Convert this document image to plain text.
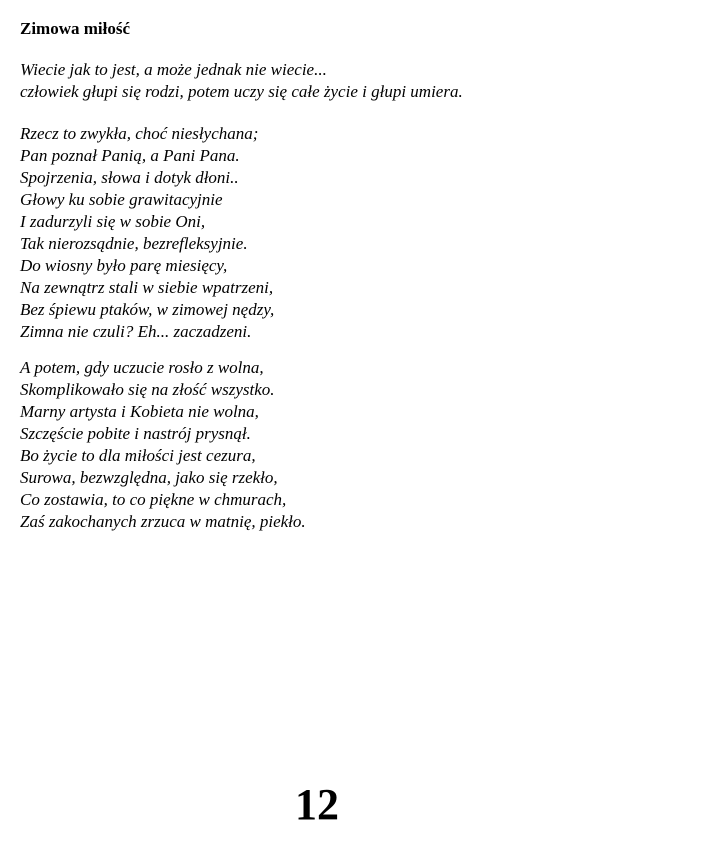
Zimowa miłość

Wiecie jak to jest, a może jednak nie wiecie...
człowiek głupi się rodzi, potem uczy się całe życie i głupi umiera.

Rzecz to zwykła, choć niesłychana;
Pan poznał Panią, a Pani Pana.
Spojrzenia, słowa i dotyk dłoni..
Głowy ku sobie grawitacyjnie
I zadurzyli się w sobie Oni,
Tak nierozsądnie, bezrefleksyjnie.
Do wiosny było parę miesięcy,
Na zewnątrz stali w siebie wpatrzeni,
Bez śpiewu ptaków, w zimowej nędzy,
Zimna nie czuli? Eh... zaczadzeni.

A potem, gdy uczucie rosło z wolna,
Skomplikowało się na złość wszystko.
Marny artysta i Kobieta nie wolna,
Szczęście pobite i nastrój prysnął.
Bo życie to dla miłości jest cezura,
Surowa, bezwzględna, jako się rzekło,
Co zostawia, to co piękne w chmurach,
Zaś zakochanych zrzuca w matnię, piekło.

12
